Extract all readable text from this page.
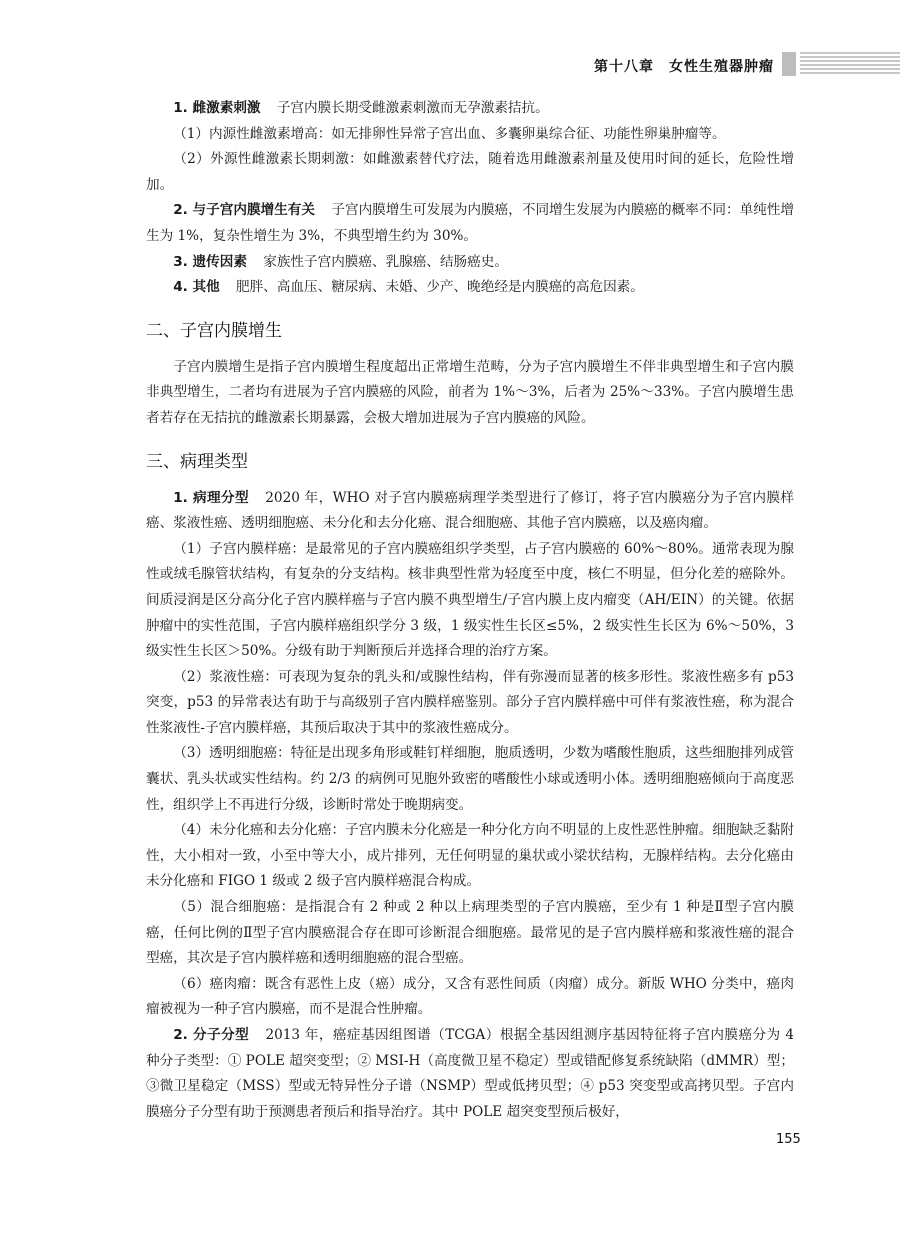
第十八章　女性生殖器肿瘤

1. 雌激素刺激 子宫内膜长期受雌激素刺激而无孕激素拮抗。

（1）内源性雌激素增高：如无排卵性异常子宫出血、多囊卵巢综合征、功能性卵巢肿瘤等。

（2）外源性雌激素长期刺激：如雌激素替代疗法，随着选用雌激素剂量及使用时间的延长，危险性增加。

2. 与子宫内膜增生有关 子宫内膜增生可发展为内膜癌，不同增生发展为内膜癌的概率不同：单纯性增生为 1%，复杂性增生为 3%，不典型增生约为 30%。

3. 遗传因素 家族性子宫内膜癌、乳腺癌、结肠癌史。

4. 其他 肥胖、高血压、糖尿病、未婚、少产、晚绝经是内膜癌的高危因素。

二、子宫内膜增生

子宫内膜增生是指子宫内膜增生程度超出正常增生范畴，分为子宫内膜增生不伴非典型增生和子宫内膜非典型增生，二者均有进展为子宫内膜癌的风险，前者为 1%～3%，后者为 25%～33%。子宫内膜增生患者若存在无拮抗的雌激素长期暴露，会极大增加进展为子宫内膜癌的风险。

三、病理类型

1. 病理分型 2020 年，WHO 对子宫内膜癌病理学类型进行了修订，将子宫内膜癌分为子宫内膜样癌、浆液性癌、透明细胞癌、未分化和去分化癌、混合细胞癌、其他子宫内膜癌，以及癌肉瘤。

（1）子宫内膜样癌：是最常见的子宫内膜癌组织学类型，占子宫内膜癌的 60%～80%。通常表现为腺性或绒毛腺管状结构，有复杂的分支结构。核非典型性常为轻度至中度，核仁不明显，但分化差的癌除外。间质浸润是区分高分化子宫内膜样癌与子宫内膜不典型增生/子宫内膜上皮内瘤变（AH/EIN）的关键。依据肿瘤中的实性范围，子宫内膜样癌组织学分 3 级，1 级实性生长区≤5%，2 级实性生长区为 6%～50%，3 级实性生长区＞50%。分级有助于判断预后并选择合理的治疗方案。

（2）浆液性癌：可表现为复杂的乳头和/或腺性结构，伴有弥漫而显著的核多形性。浆液性癌多有 p53 突变，p53 的异常表达有助于与高级别子宫内膜样癌鉴别。部分子宫内膜样癌中可伴有浆液性癌，称为混合性浆液性-子宫内膜样癌，其预后取决于其中的浆液性癌成分。

（3）透明细胞癌：特征是出现多角形或鞋钉样细胞，胞质透明，少数为嗜酸性胞质，这些细胞排列成管囊状、乳头状或实性结构。约 2/3 的病例可见胞外致密的嗜酸性小球或透明小体。透明细胞癌倾向于高度恶性，组织学上不再进行分级，诊断时常处于晚期病变。

（4）未分化癌和去分化癌：子宫内膜未分化癌是一种分化方向不明显的上皮性恶性肿瘤。细胞缺乏黏附性，大小相对一致，小至中等大小，成片排列，无任何明显的巢状或小梁状结构，无腺样结构。去分化癌由未分化癌和 FIGO 1 级或 2 级子宫内膜样癌混合构成。

（5）混合细胞癌：是指混合有 2 种或 2 种以上病理类型的子宫内膜癌，至少有 1 种是Ⅱ型子宫内膜癌，任何比例的Ⅱ型子宫内膜癌混合存在即可诊断混合细胞癌。最常见的是子宫内膜样癌和浆液性癌的混合型癌，其次是子宫内膜样癌和透明细胞癌的混合型癌。

（6）癌肉瘤：既含有恶性上皮（癌）成分，又含有恶性间质（肉瘤）成分。新版 WHO 分类中，癌肉瘤被视为一种子宫内膜癌，而不是混合性肿瘤。

2. 分子分型 2013 年，癌症基因组图谱（TCGA）根据全基因组测序基因特征将子宫内膜癌分为 4 种分子类型：① POLE 超突变型；② MSI-H（高度微卫星不稳定）型或错配修复系统缺陷（dMMR）型；③微卫星稳定（MSS）型或无特异性分子谱（NSMP）型或低拷贝型；④ p53 突变型或高拷贝型。子宫内膜癌分子分型有助于预测患者预后和指导治疗。其中 POLE 超突变型预后极好，

155
